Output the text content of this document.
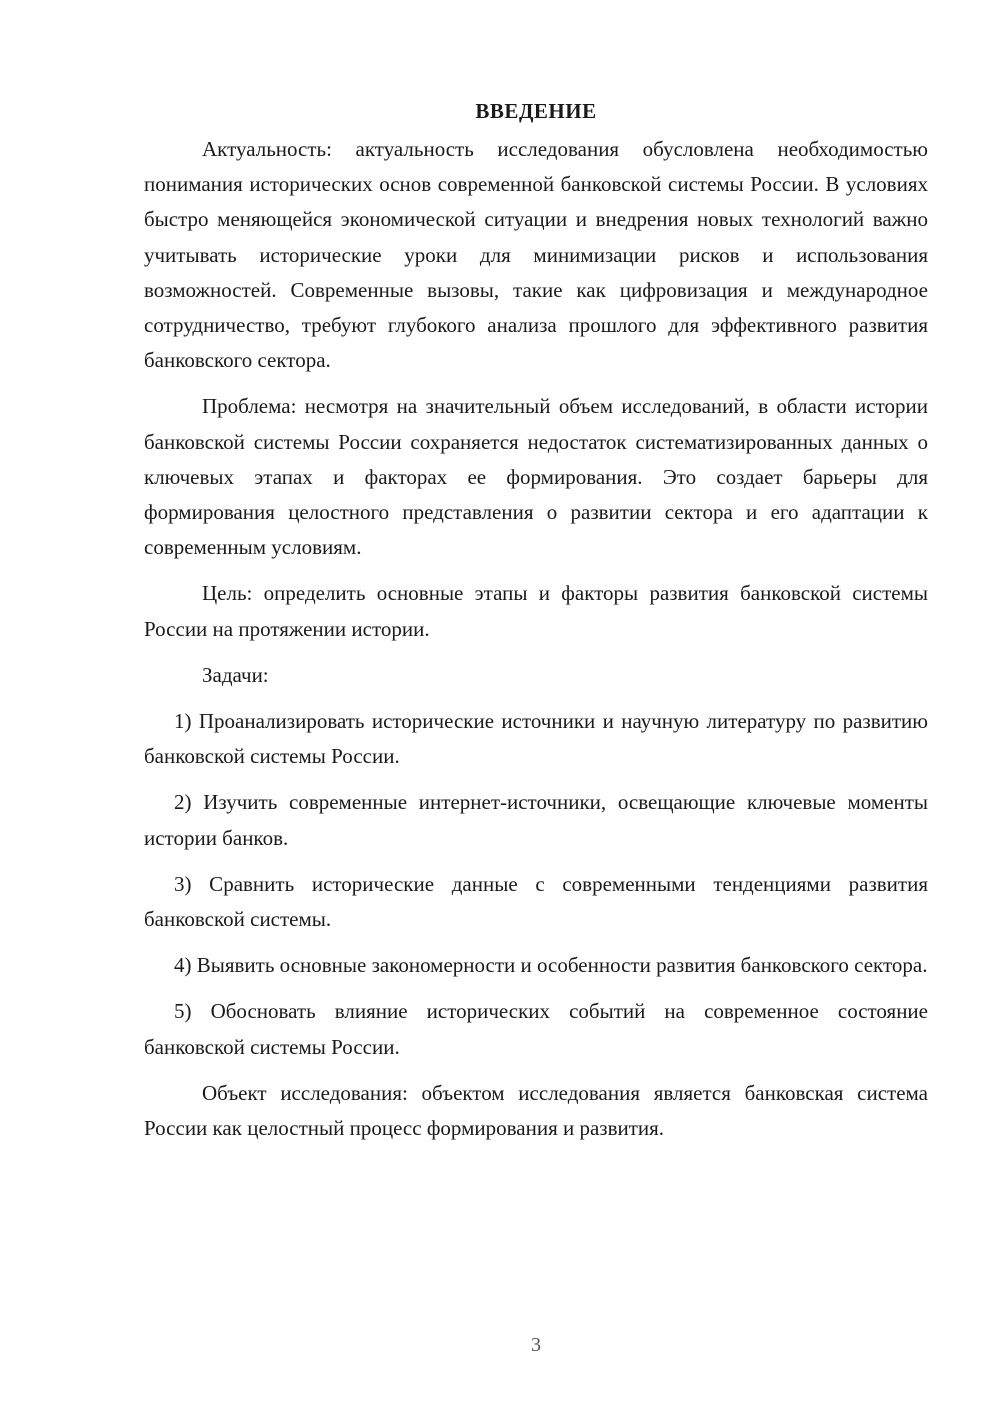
ВВЕДЕНИЕ

Актуальность: актуальность исследования обусловлена необходимостью понимания исторических основ современной банковской системы России. В условиях быстро меняющейся экономической ситуации и внедрения новых технологий важно учитывать исторические уроки для минимизации рисков и использования возможностей. Современные вызовы, такие как цифровизация и международное сотрудничество, требуют глубокого анализа прошлого для эффективного развития банковского сектора.

Проблема: несмотря на значительный объем исследований, в области истории банковской системы России сохраняется недостаток систематизированных данных о ключевых этапах и факторах ее формирования. Это создает барьеры для формирования целостного представления о развитии сектора и его адаптации к современным условиям.

Цель: определить основные этапы и факторы развития банковской системы России на протяжении истории.

Задачи:

1) Проанализировать исторические источники и научную литературу по развитию банковской системы России.

2) Изучить современные интернет-источники, освещающие ключевые моменты истории банков.

3) Сравнить исторические данные с современными тенденциями развития банковской системы.

4) Выявить основные закономерности и особенности развития банковского сектора.

5) Обосновать влияние исторических событий на современное состояние банковской системы России.

Объект исследования: объектом исследования является банковская система России как целостный процесс формирования и развития.

3
